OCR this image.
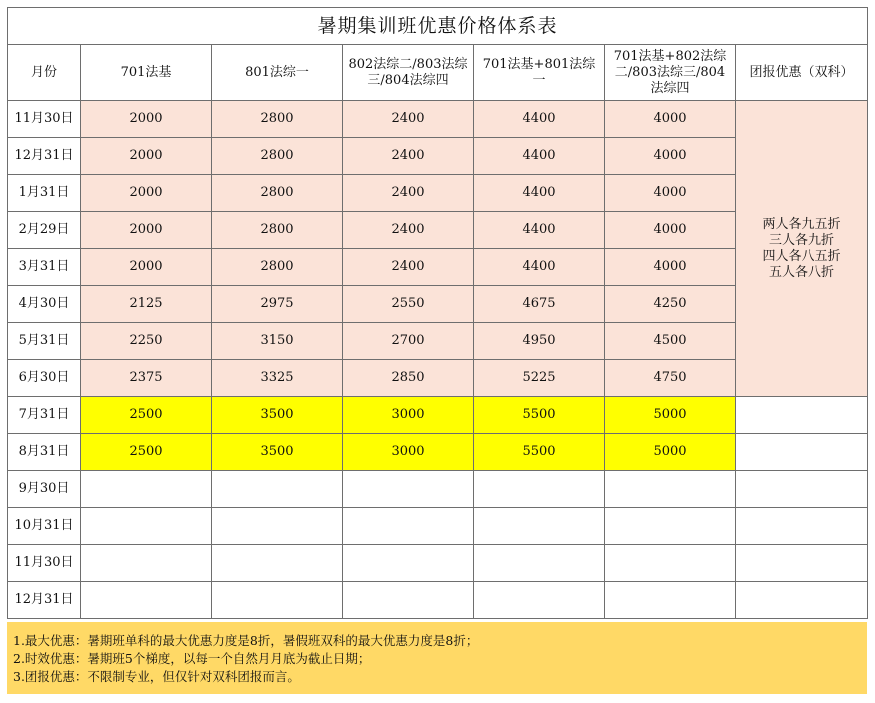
暑期集训班优惠价格体系表						
月份	701法基	801法综一	802法综二/803法综三/804法综四	701法基+801法综一	701法基+802法综二/803法综三/804法综四	团报优惠（双科）
11月30日	2000	2800	2400	4400	4000	两人各九五折
三人各九折
四人各八五折
五人各八折

12月31日	2000	2800	2400	4400	4000	
1月31日	2000	2800	2400	4400	4000	
2月29日	2000	2800	2400	4400	4000	
3月31日	2000	2800	2400	4400	4000	
4月30日	2125	2975	2550	4675	4250	
5月31日	2250	3150	2700	4950	4500	
6月30日	2375	3325	2850	5225	4750	
7月31日	2500	3500	3000	5500	5000	
8月31日	2500	3500	3000	5500	5000	
9月30日						
10月31日						
11月30日						
12月31日						
1.最大优惠：暑期班单科的最大优惠力度是8折，暑假班双科的最大优惠力度是8折；
2.时效优惠：暑期班5个梯度，以每一个自然月月底为截止日期；
3.团报优惠：不限制专业，但仅针对双科团报而言。
